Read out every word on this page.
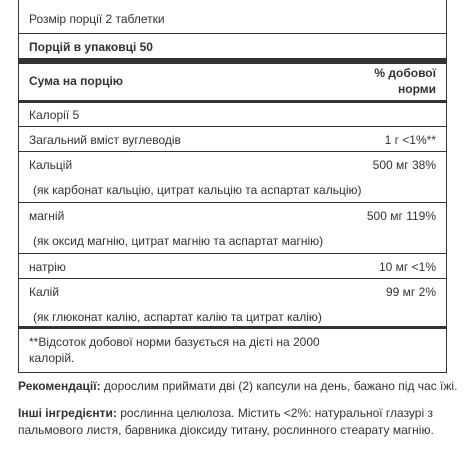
Розмір порції 2 таблетки
Порцій в упаковці 50
Сума на порцію
% добової
норми
Калорії 5
Загальний вміст вуглеводів	1 г <1%**
Кальцій	500 мг 38%
(як карбонат кальцію, цитрат кальцію та аспартат кальцію)
магній	500 мг 119%
(як оксид магнію, цитрат магнію та аспартат магнію)
натрію	10 мг <1%
Калій	99 мг 2%
(як глюконат калію, аспартат калію та цитрат калію)
**Відсоток добової норми базується на дієті на 2000
калорій.
Рекомендації: дорослим приймати дві (2) капсули на день, бажано під час їжі.
Інші інгредієнти: рослинна целюлоза. Містить <2%: натуральної глазурі з
пальмового листя, барвника діоксиду титану, рослинного стеарату магнію.
